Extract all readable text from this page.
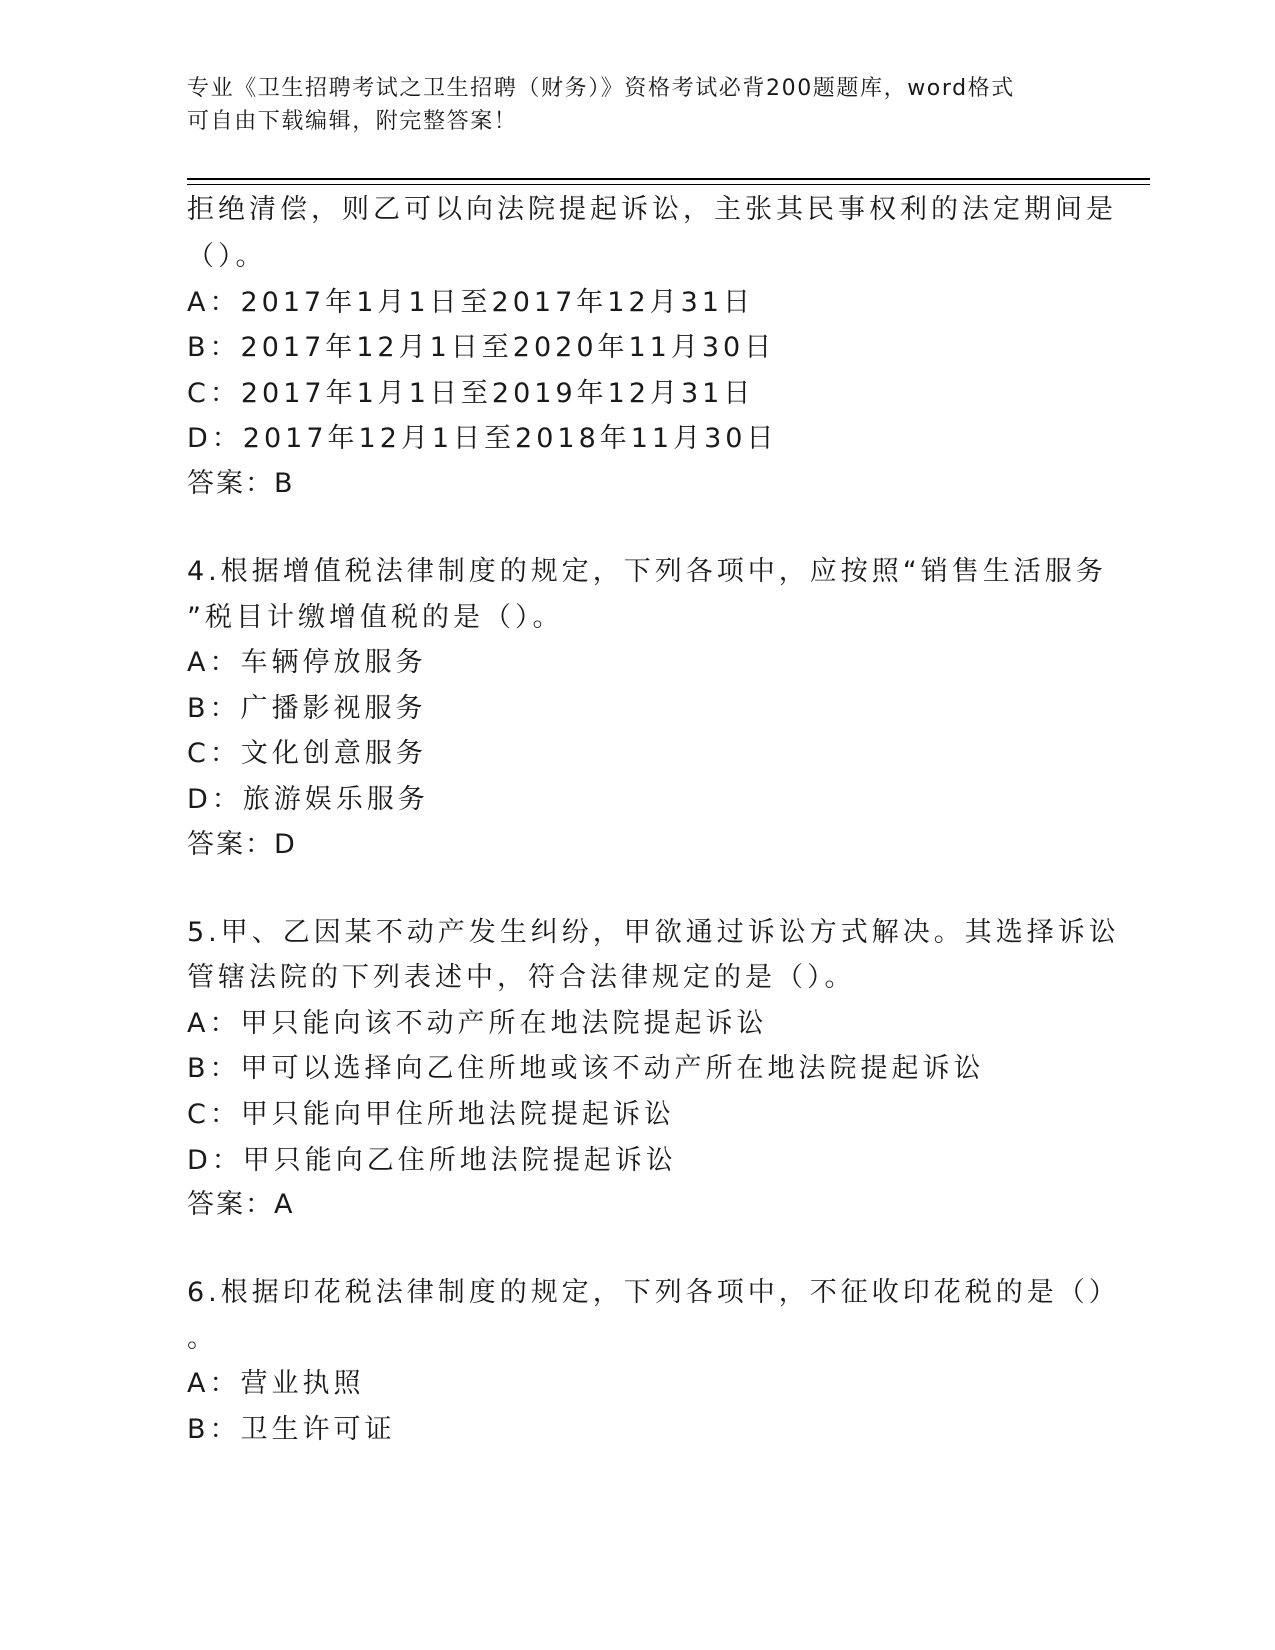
专业《卫生招聘考试之卫生招聘（财务）》资格考试必背200题题库，word格式
可自由下载编辑，附完整答案！
拒绝清偿，则乙可以向法院提起诉讼，主张其民事权利的法定期间是
（）。
A：2017年1月1日至2017年12月31日
B：2017年12月1日至2020年11月30日
C：2017年1月1日至2019年12月31日
D：2017年12月1日至2018年11月30日
答案：B
4.根据增值税法律制度的规定，下列各项中，应按照“销售生活服务
”税目计缴增值税的是（）。
A：车辆停放服务
B：广播影视服务
C：文化创意服务
D：旅游娱乐服务
答案：D
5.甲、乙因某不动产发生纠纷，甲欲通过诉讼方式解决。其选择诉讼
管辖法院的下列表述中，符合法律规定的是（）。
A：甲只能向该不动产所在地法院提起诉讼
B：甲可以选择向乙住所地或该不动产所在地法院提起诉讼
C：甲只能向甲住所地法院提起诉讼
D：甲只能向乙住所地法院提起诉讼
答案：A
6.根据印花税法律制度的规定，下列各项中，不征收印花税的是（）
。
A：营业执照
B：卫生许可证
